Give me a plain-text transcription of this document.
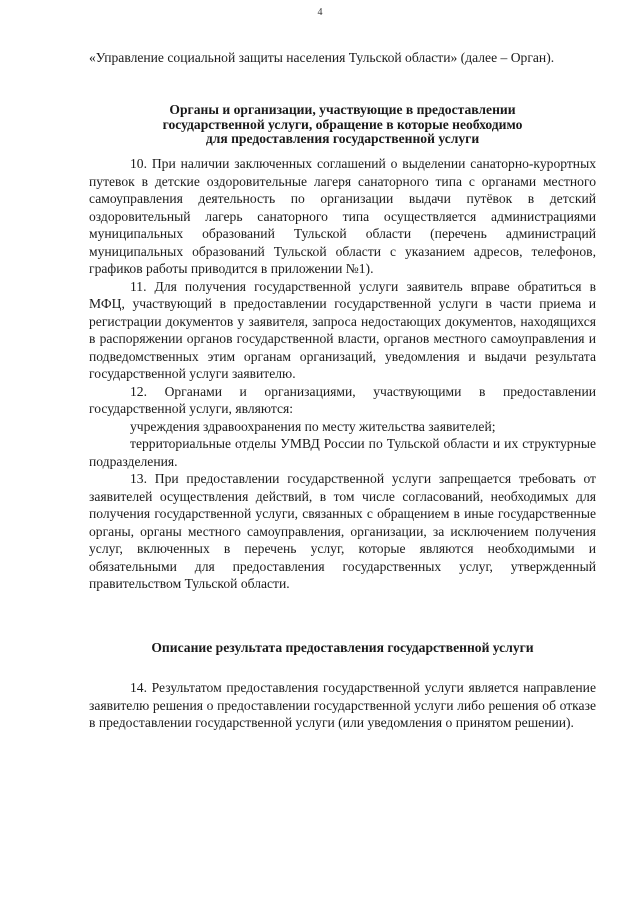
4

«Управление социальной защиты населения Тульской области» (далее – Орган).

Органы и организации, участвующие в предоставлении
государственной услуги, обращение в которые необходимо
для предоставления государственной услуги

10. При наличии заключенных соглашений о выделении санаторно-курортных путевок в детские оздоровительные лагеря санаторного типа с органами местного самоуправления деятельность по организации выдачи путёвок в детский оздоровительный лагерь санаторного типа осуществляется администрациями муниципальных образований Тульской области (перечень администраций муниципальных образований Тульской области с указанием адресов, телефонов, графиков работы приводится в приложении №1).

11. Для получения государственной услуги заявитель вправе обратиться в МФЦ, участвующий в предоставлении государственной услуги в части приема и регистрации документов у заявителя, запроса недостающих документов, находящихся в распоряжении органов государственной власти, органов местного самоуправления и подведомственных этим органам организаций, уведомления и выдачи результата государственной услуги заявителю.

12. Органами и организациями, участвующими в предоставлении государственной услуги, являются:

учреждения здравоохранения по месту жительства заявителей;

территориальные отделы УМВД России по Тульской области и их структурные подразделения.

13. При предоставлении государственной услуги запрещается требовать от заявителей осуществления действий, в том числе согласований, необходимых для получения государственной услуги, связанных с обращением в иные государственные органы, органы местного самоуправления, организации, за исключением получения услуг, включенных в перечень услуг, которые являются необходимыми и обязательными для предоставления государственных услуг, утвержденный правительством Тульской области.

Описание результата предоставления государственной услуги

14. Результатом предоставления государственной услуги является направление заявителю решения о предоставлении государственной услуги либо решения об отказе в предоставлении государственной услуги (или уведомления о принятом решении).
